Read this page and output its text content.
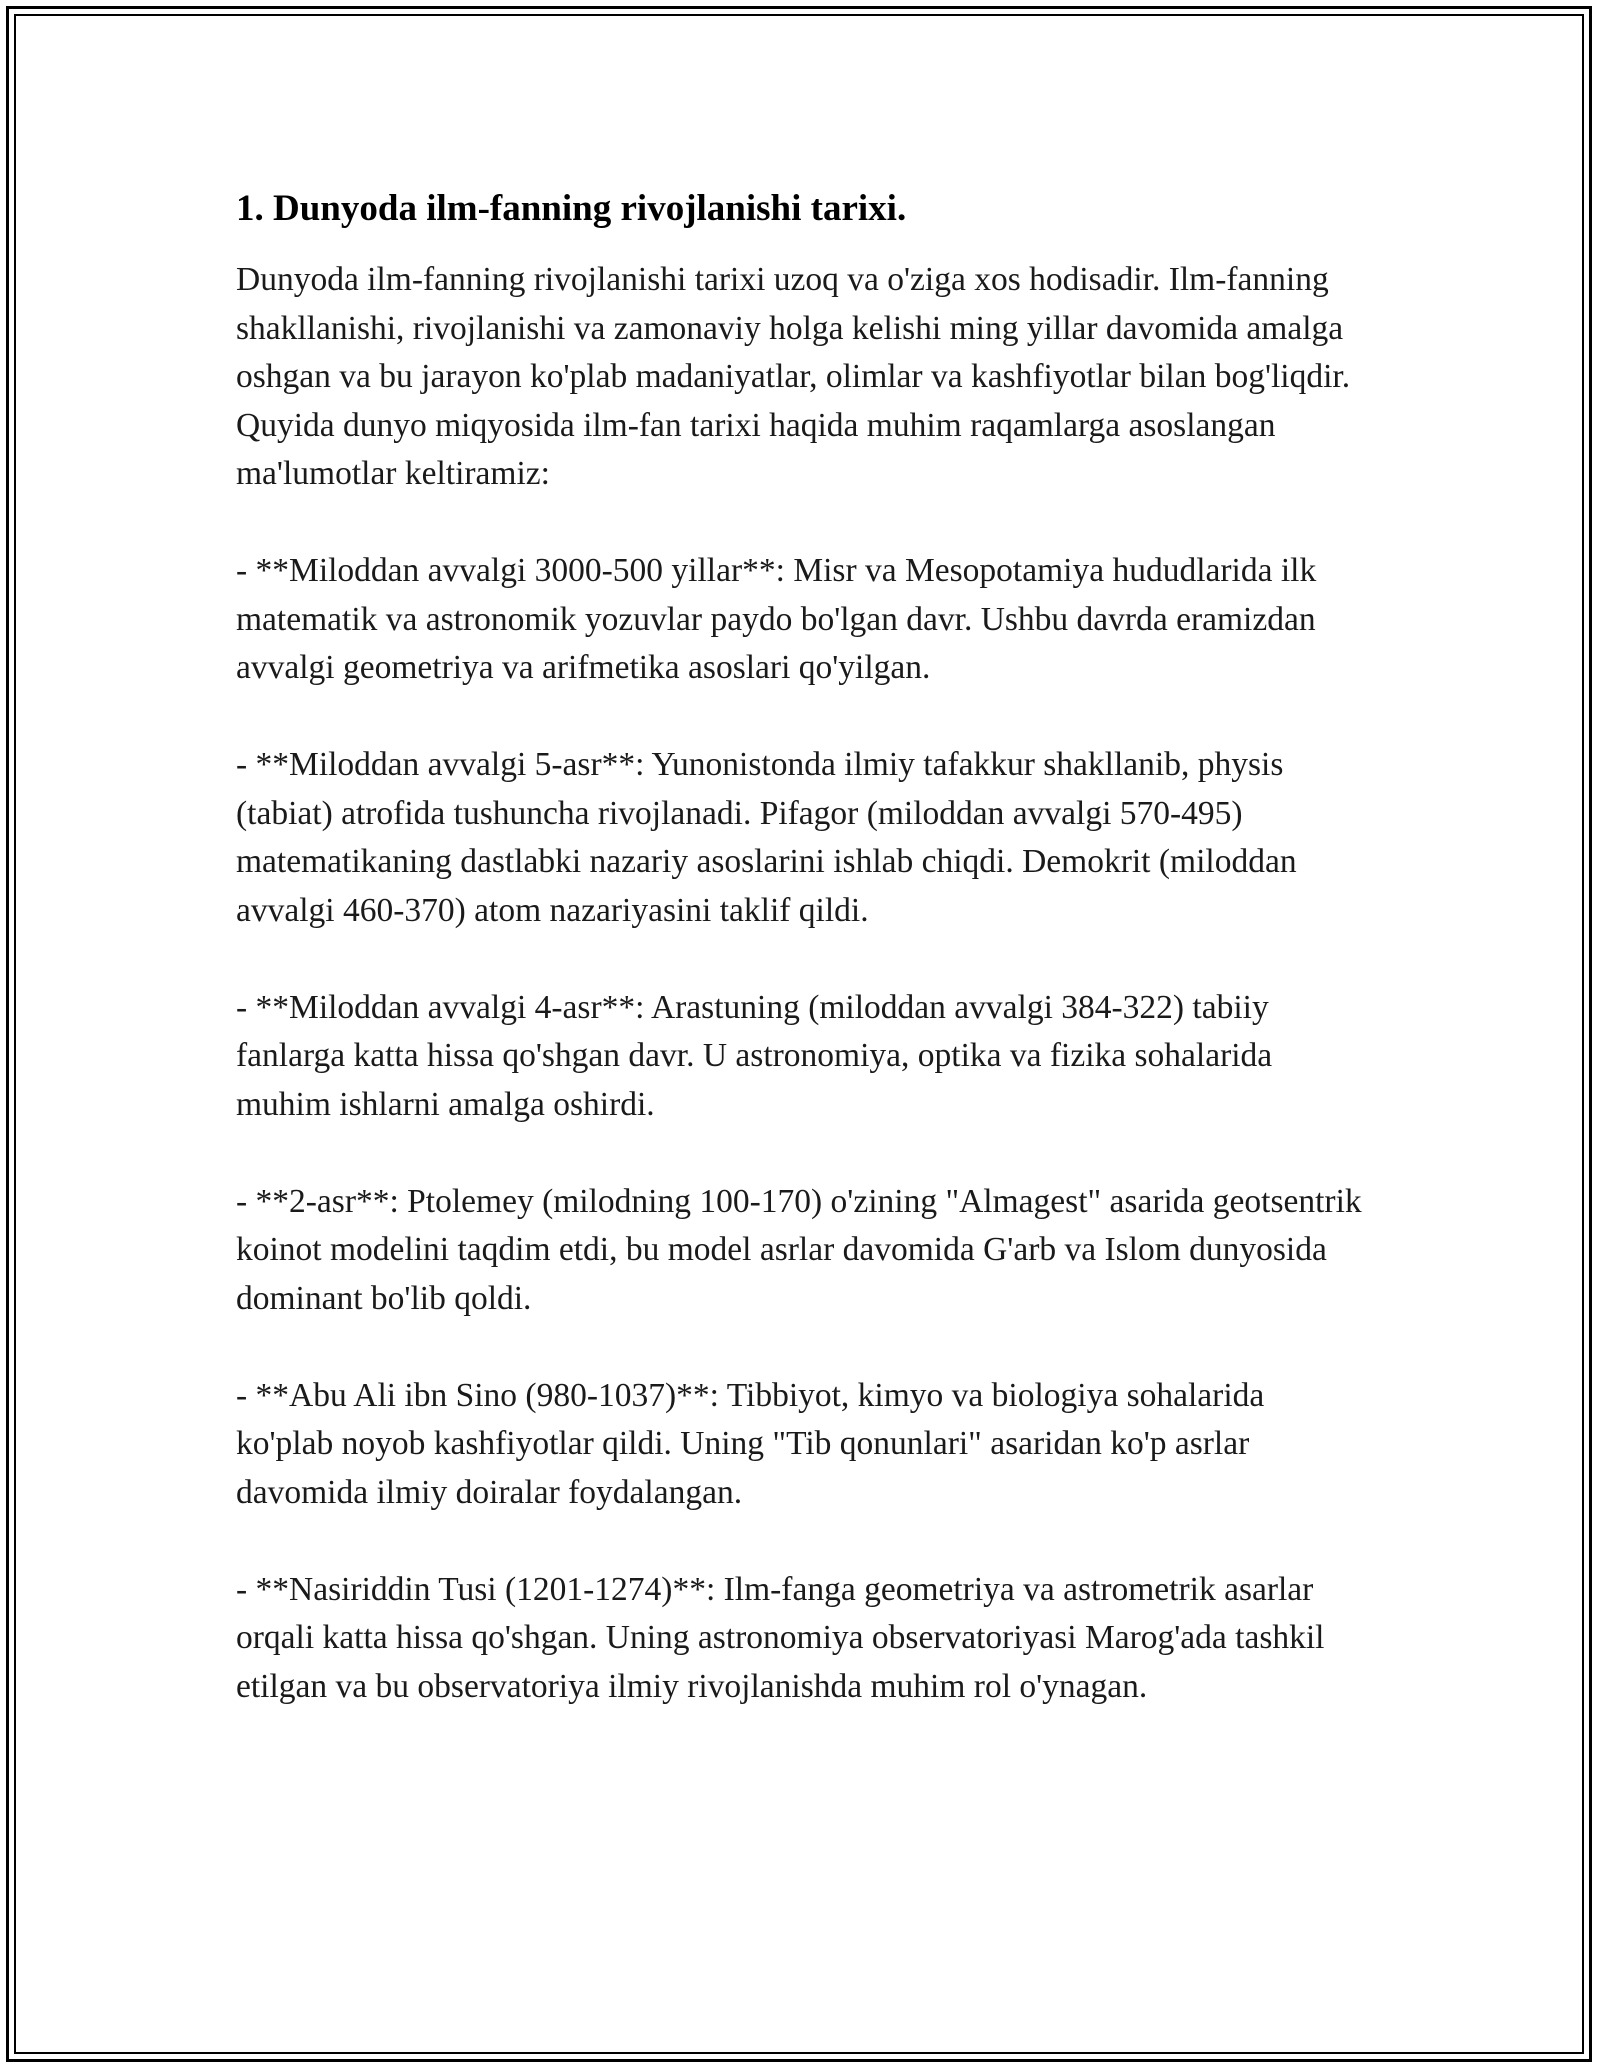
1. Dunyoda ilm-fanning rivojlanishi tarixi.

Dunyoda ilm-fanning rivojlanishi tarixi uzoq va o'ziga xos hodisadir. Ilm-fanning shakllanishi, rivojlanishi va zamonaviy holga kelishi ming yillar davomida amalga oshgan va bu jarayon ko'plab madaniyatlar, olimlar va kashfiyotlar bilan bog'liqdir. Quyida dunyo miqyosida ilm-fan tarixi haqida muhim raqamlarga asoslangan ma'lumotlar keltiramiz:

- **Miloddan avvalgi 3000-500 yillar**: Misr va Mesopotamiya hududlarida ilk matematik va astronomik yozuvlar paydo bo'lgan davr. Ushbu davrda eramizdan avvalgi geometriya va arifmetika asoslari qo'yilgan.

- **Miloddan avvalgi 5-asr**: Yunonistonda ilmiy tafakkur shakllanib, physis (tabiat) atrofida tushuncha rivojlanadi. Pifagor (miloddan avvalgi 570-495) matematikaning dastlabki nazariy asoslarini ishlab chiqdi. Demokrit (miloddan avvalgi 460-370) atom nazariyasini taklif qildi.

- **Miloddan avvalgi 4-asr**: Arastuning (miloddan avvalgi 384-322) tabiiy fanlarga katta hissa qo'shgan davr. U astronomiya, optika va fizika sohalarida muhim ishlarni amalga oshirdi.

- **2-asr**: Ptolemey (milodning 100-170) o'zining "Almagest" asarida geotsentrik koinot modelini taqdim etdi, bu model asrlar davomida G'arb va Islom dunyosida dominant bo'lib qoldi.

- **Abu Ali ibn Sino (980-1037)**: Tibbiyot, kimyo va biologiya sohalarida ko'plab noyob kashfiyotlar qildi. Uning "Tib qonunlari" asaridan ko'p asrlar davomida ilmiy doiralar foydalangan.

- **Nasiriddin Tusi (1201-1274)**: Ilm-fanga geometriya va astrometrik asarlar orqali katta hissa qo'shgan. Uning astronomiya observatoriyasi Marog'ada tashkil etilgan va bu observatoriya ilmiy rivojlanishda muhim rol o'ynagan.
